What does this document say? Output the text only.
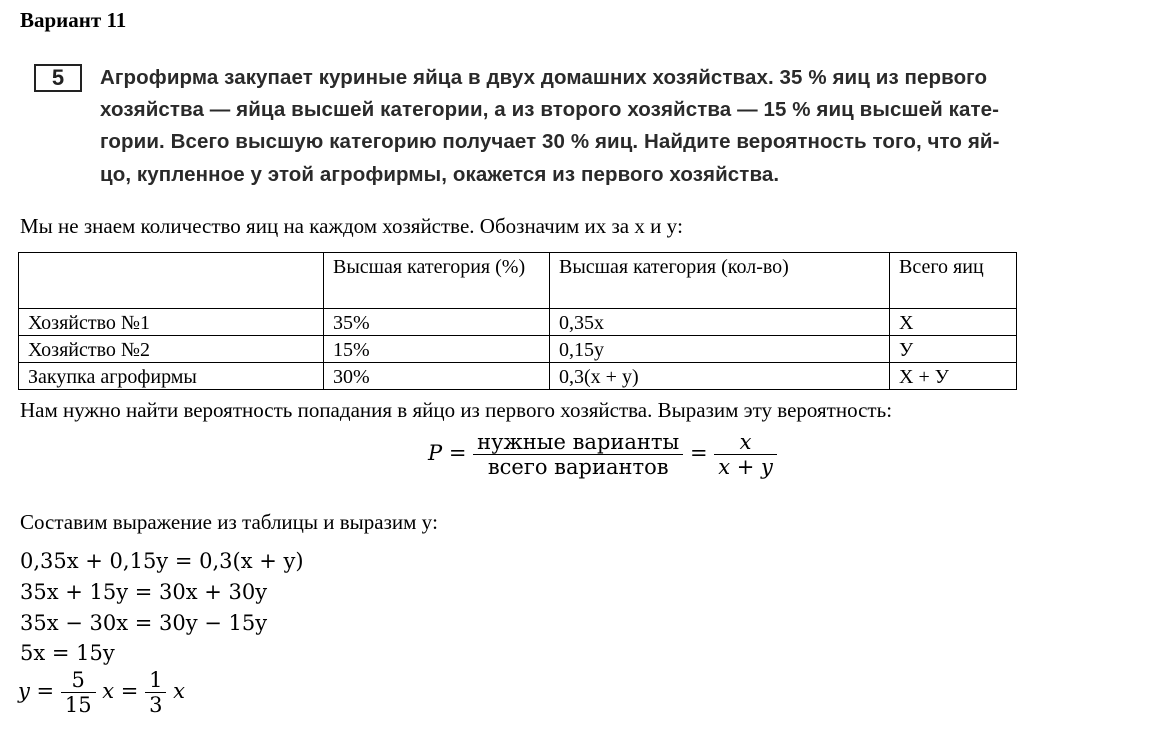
Вариант 11
5	Агрофирма закупает куриные яйца в двух домашних хозяйствах. 35 % яиц из первого
хозяйства — яйца высшей категории, а из второго хозяйства — 15 % яиц высшей кате-
гории. Всего высшую категорию получает 30 % яиц. Найдите вероятность того, что яй-
цо, купленное у этой агрофирмы, окажется из первого хозяйства.
Мы не знаем количество яиц на каждом хозяйстве. Обозначим их за x и y:
	Высшая категория (%)	Высшая категория (кол-во)	Всего яиц
Хозяйство №1	35%	0,35x	X
Хозяйство №2	15%	0,15y	У
Закупка агрофирмы	30%	0,3(x + y)	X + У
Нам нужно найти вероятность попадания в яйцо из первого хозяйства. Выразим эту вероятность:
$P = \frac{\text{нужные варианты}}{\text{всего вариантов}} = \frac{x}{x + y}$
Составим выражение из таблицы и выразим y:
0,35x + 0,15y = 0,3(x + y)
35x + 15y = 30x + 30y
35x − 30x = 30y − 15y
5x = 15y
$y = \frac{5}{15}$ $x = \frac{1}{3}$ x
